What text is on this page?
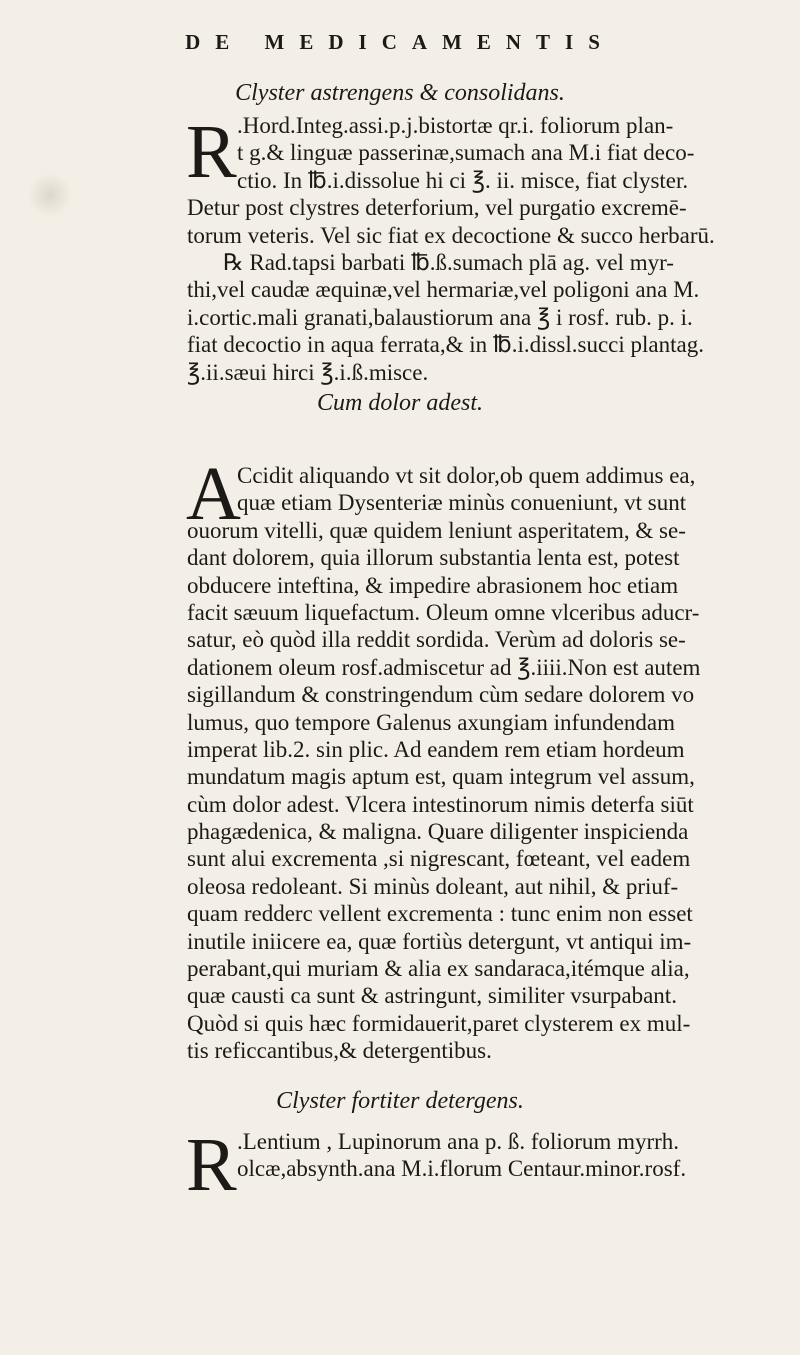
DE MEDICAMENTIS
Clyster astrengens & consolidans.
R .Hord.Integ.assi.p.j.bistortæ qr.i. foliorum plan-
t g.& linguæ passerinæ,sumach ana M.i fiat deco-
ctio. In ℔.i.dissolue hi ci ℥. ii. misce, fiat clyster.
Detur post clystres deterforium, vel purgatio excremē-
torum veteris. Vel sic fiat ex decoctione & succo herbarū.
℞ Rad.tapsi barbati ℔.ß.sumach plā ag. vel myr-
thi,vel caudæ æquinæ,vel hermariæ,vel poligoni ana M.
i.cortic.mali granati,balaustiorum ana ℥ i rosf. rub. p. i.
fiat decoctio in aqua ferrata,& in ℔.i.dissl.succi plantag.
℥.ii.sæui hirci ℥.i.ß.misce.
Cum dolor adest.
A
Ccidit aliquando vt sit dolor,ob quem addimus ea,
quæ etiam Dysenteriæ minùs conueniunt, vt sunt
ouorum vitelli, quæ quidem leniunt asperitatem, & se-
dant dolorem, quia illorum substantia lenta est, potest
obducere inteftina, & impedire abrasionem hoc etiam
facit sæuum liquefactum. Oleum omne vlceribus aducr-
satur, eò quòd illa reddit sordida. Verùm ad doloris se-
dationem oleum rosf.admiscetur ad ℥.iiii.Non est autem
sigillandum & constringendum cùm sedare dolorem vo
lumus, quo tempore Galenus axungiam infundendam
imperat lib.2. sin plic. Ad eandem rem etiam hordeum
mundatum magis aptum est, quam integrum vel assum,
cùm dolor adest. Vlcera intestinorum nimis deterfa siūt
phagædenica, & maligna. Quare diligenter inspicienda
sunt alui excrementa ,si nigrescant, fœteant, vel eadem
oleosa redoleant. Si minùs doleant, aut nihil, & priuf-
quam redderc vellent excrementa : tunc enim non esset
inutile iniicere ea, quæ fortiùs detergunt, vt antiqui im-
perabant,qui muriam & alia ex sandaraca,itémque alia,
quæ causti ca sunt & astringunt, similiter vsurpabant.
Quòd si quis hæc formidauerit,paret clysterem ex mul-
tis reficcantibus,& detergentibus.
Clyster fortiter detergens.
R .Lentium , Lupinorum ana p. ß. foliorum myrrh.
olcæ,absynth.ana M.i.florum Centaur.minor.rosf.
